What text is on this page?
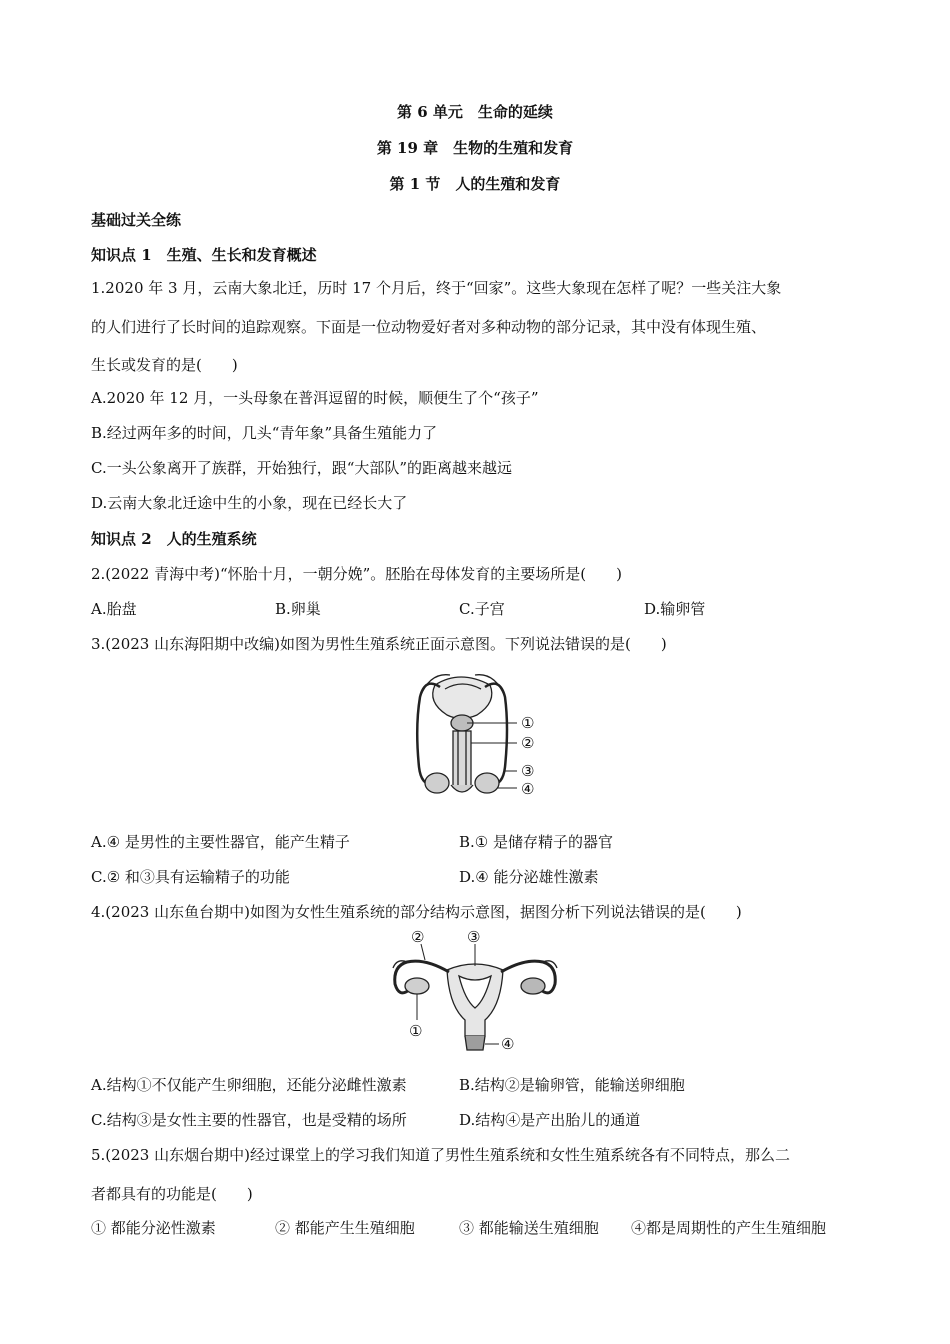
第 6 单元　生命的延续
第 19 章　生物的生殖和发育
第 1 节　人的生殖和发育
基础过关全练
知识点 1　生殖、生长和发育概述
1.2020 年 3 月，云南大象北迁，历时 17 个月后，终于“回家”。这些大象现在怎样了呢？一些关注大象
的人们进行了长时间的追踪观察。下面是一位动物爱好者对多种动物的部分记录，其中没有体现生殖、
生长或发育的是(　　)
A.2020 年 12 月，一头母象在普洱逗留的时候，顺便生了个“孩子”
B.经过两年多的时间，几头“青年象”具备生殖能力了
C.一头公象离开了族群，开始独行，跟“大部队”的距离越来越远
D.云南大象北迁途中生的小象，现在已经长大了
知识点 2　人的生殖系统
2.(2022 青海中考)“怀胎十月，一朝分娩”。胚胎在母体发育的主要场所是(　　)
A.胎盘	B.卵巢	C.子宫	D.输卵管
3.(2023 山东海阳期中改编)如图为男性生殖系统正面示意图。下列说法错误的是(　　)
①
②
③
④
A.④ 是男性的主要性器官，能产生精子	B.① 是储存精子的器官
C.② 和③具有运输精子的功能	D.④ 能分泌雄性激素
4.(2023 山东鱼台期中)如图为女性生殖系统的部分结构示意图，据图分析下列说法错误的是(　　)
②	③
①
④
A.结构①不仅能产生卵细胞，还能分泌雌性激素	B.结构②是输卵管，能输送卵细胞
C.结构③是女性主要的性器官，也是受精的场所	D.结构④是产出胎儿的通道
5.(2023 山东烟台期中)经过课堂上的学习我们知道了男性生殖系统和女性生殖系统各有不同特点，那么二
者都具有的功能是(　　)
① 都能分泌性激素	② 都能产生生殖细胞	③ 都能输送生殖细胞 ④都是周期性的产生生殖细胞
